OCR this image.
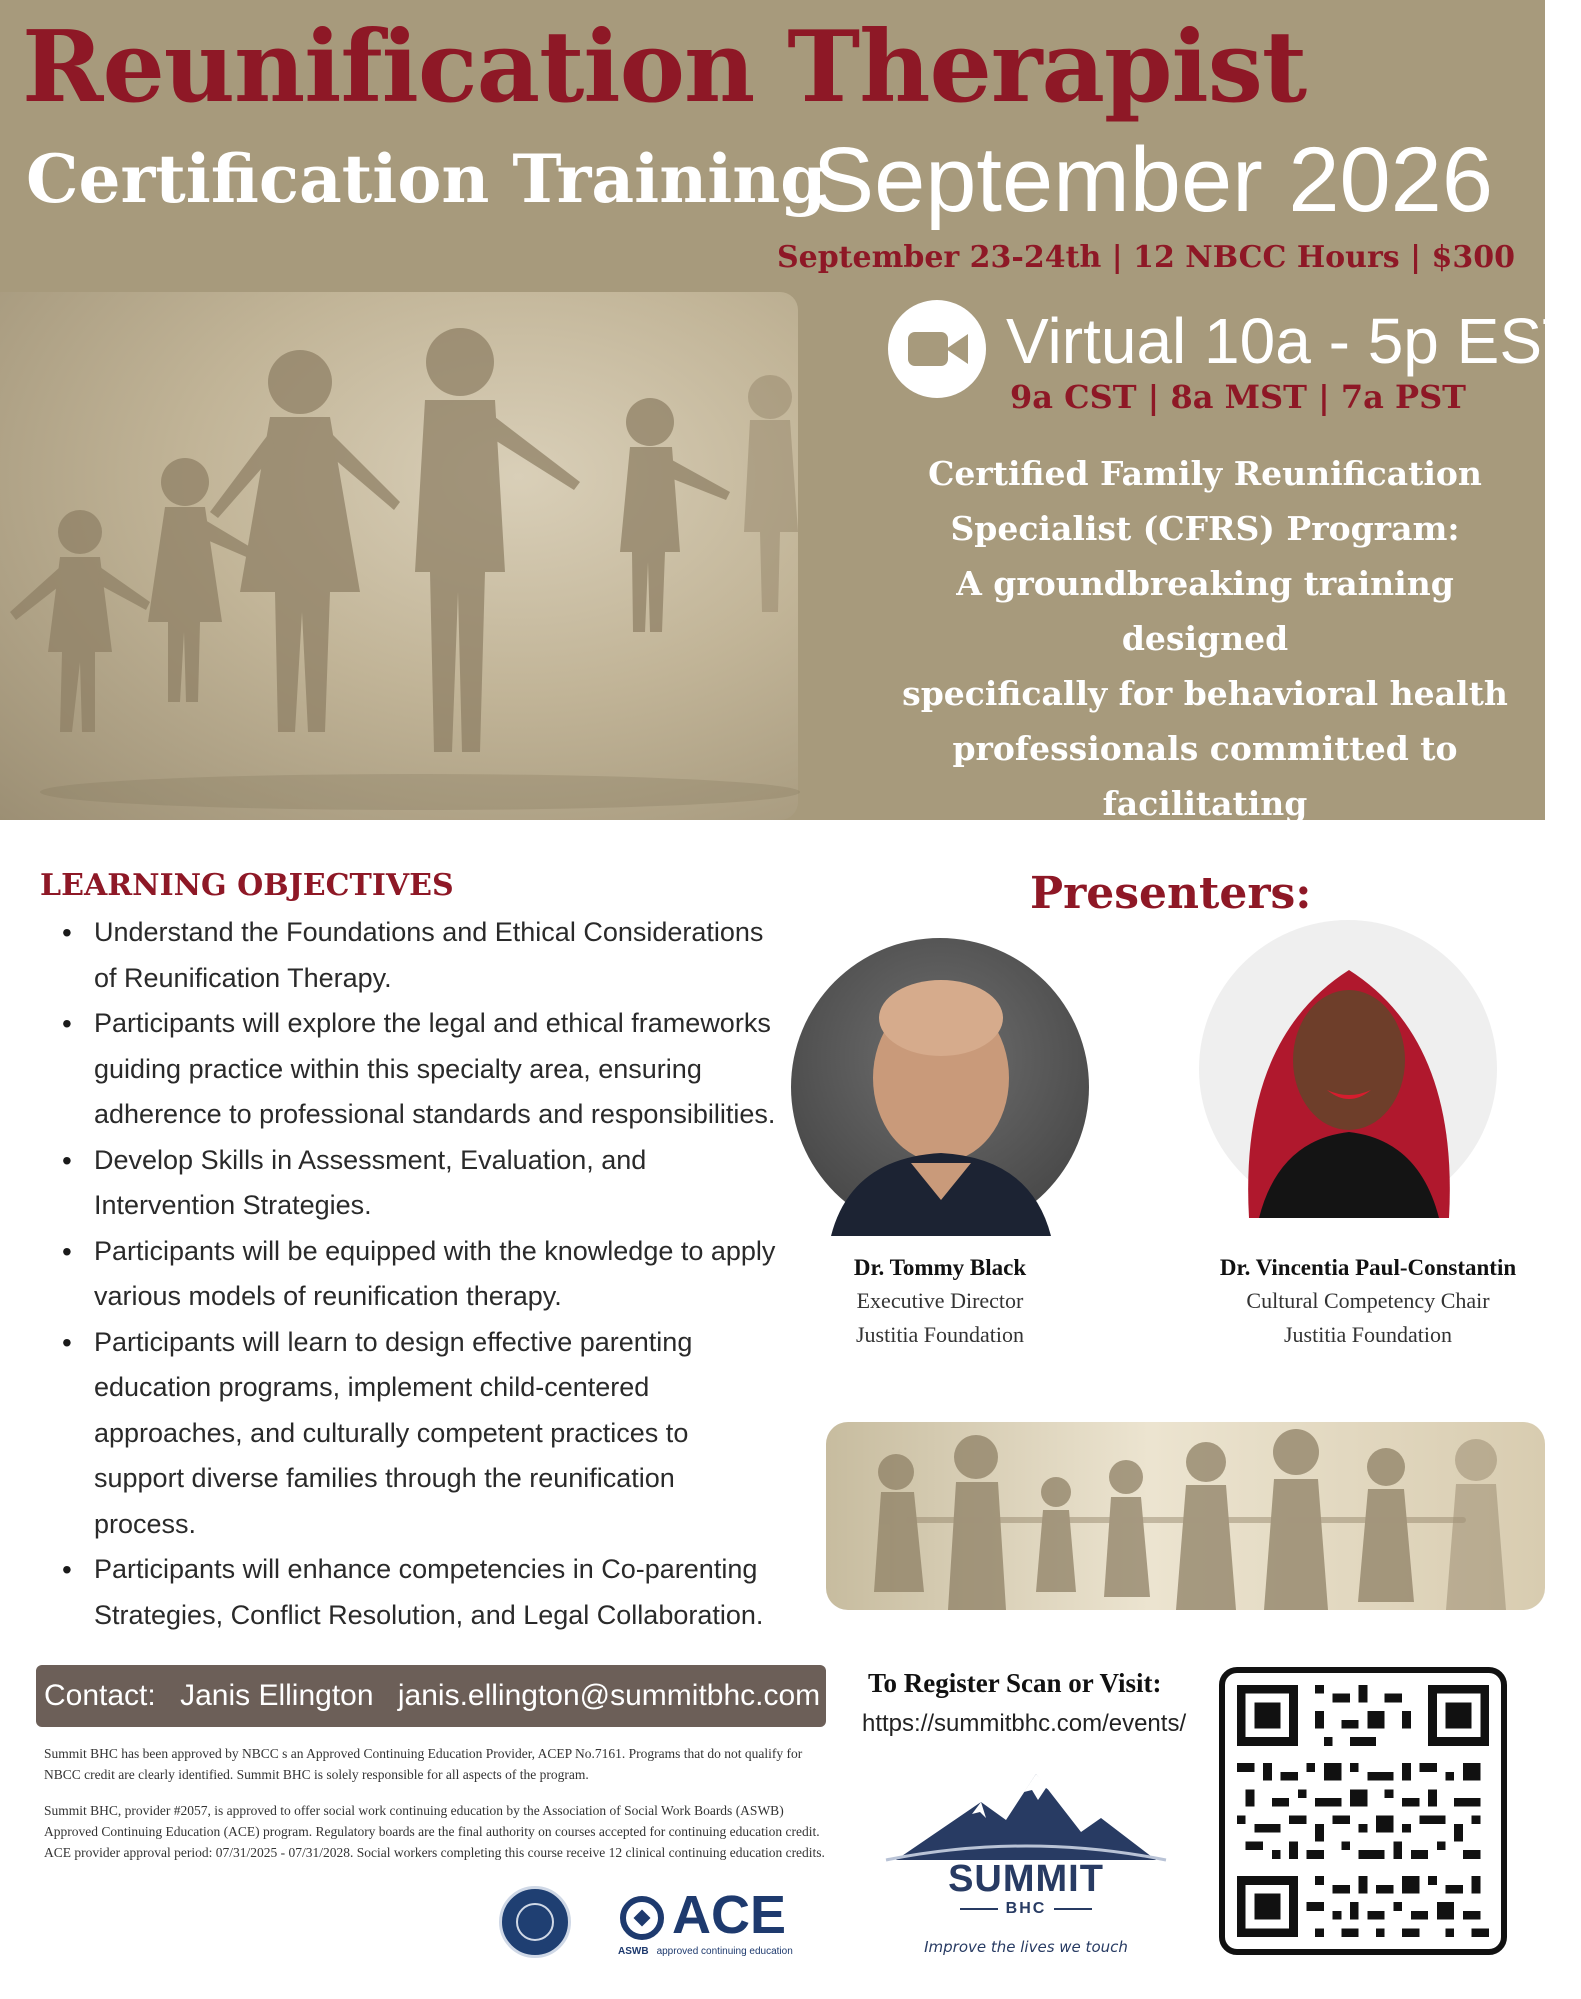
Reunification Therapist
Certification Training
September 2026
September 23-24th | 12 NBCC Hours | $300
Virtual 10a - 5p EST
9a CST | 8a MST | 7a PST
Certified Family Reunification
Specialist (CFRS) Program:
A groundbreaking training designed
specifically for behavioral health
professionals committed to facilitating
family reunification.
LEARNING OBJECTIVES
• Understand the Foundations and Ethical Considerations of Reunification Therapy.
• Participants will explore the legal and ethical frameworks guiding practice within this specialty area, ensuring adherence to professional standards and responsibilities.
• Develop Skills in Assessment, Evaluation, and Intervention Strategies.
• Participants will be equipped with the knowledge to apply various models of reunification therapy.
• Participants will learn to design effective parenting education programs, implement child-centered approaches, and culturally competent practices to support diverse families through the reunification process.
• Participants will enhance competencies in Co-parenting Strategies, Conflict Resolution, and Legal Collaboration.
Presenters:
Dr. Tommy Black
Executive Director
Justitia Foundation
Dr. Vincentia Paul-Constantin
Cultural Competency Chair
Justitia Foundation
Contact: Janis Ellington janis.ellington@summitbhc.com
Summit BHC has been approved by NBCC s an Approved Continuing Education Provider, ACEP No.7161. Programs that do not qualify for NBCC credit are clearly identified. Summit BHC is solely responsible for all aspects of the program.
Summit BHC, provider #2057, is approved to offer social work continuing education by the Association of Social Work Boards (ASWB) Approved Continuing Education (ACE) program. Regulatory boards are the final authority on courses accepted for continuing education credit. ACE provider approval period: 07/31/2025 - 07/31/2028. Social workers completing this course receive 12 clinical continuing education credits.
ACE
ASWB approved continuing education
To Register Scan or Visit:
https://summitbhc.com/events/
SUMMIT
BHC
Improve the lives we touch
